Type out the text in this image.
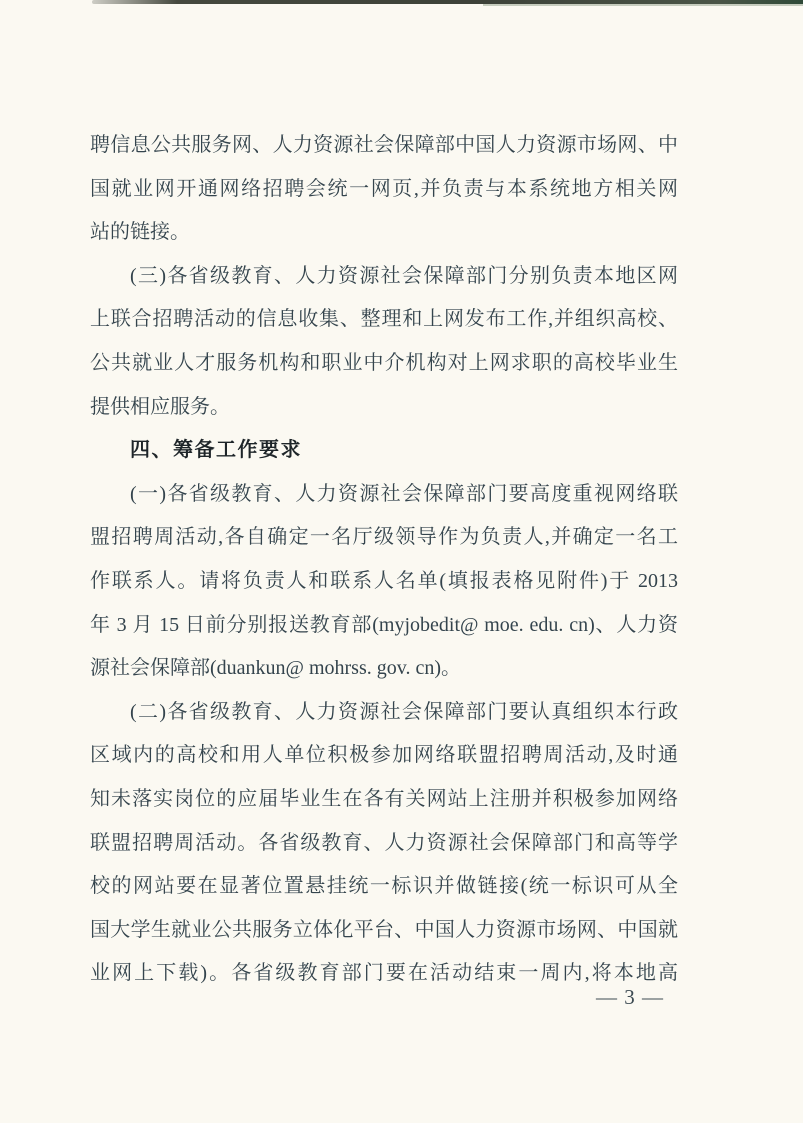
聘信息公共服务网、人力资源社会保障部中国人力资源市场网、中
国就业网开通网络招聘会统一网页,并负责与本系统地方相关网
站的链接。
(三)各省级教育、人力资源社会保障部门分别负责本地区网
上联合招聘活动的信息收集、整理和上网发布工作,并组织高校、
公共就业人才服务机构和职业中介机构对上网求职的高校毕业生
提供相应服务。
四、筹备工作要求
(一)各省级教育、人力资源社会保障部门要高度重视网络联
盟招聘周活动,各自确定一名厅级领导作为负责人,并确定一名工
作联系人。请将负责人和联系人名单(填报表格见附件)于 2013
年 3 月 15 日前分别报送教育部(myjobedit@ moe. edu. cn)、人力资
源社会保障部(duankun@ mohrss. gov. cn)。
(二)各省级教育、人力资源社会保障部门要认真组织本行政
区域内的高校和用人单位积极参加网络联盟招聘周活动,及时通
知未落实岗位的应届毕业生在各有关网站上注册并积极参加网络
联盟招聘周活动。各省级教育、人力资源社会保障部门和高等学
校的网站要在显著位置悬挂统一标识并做链接(统一标识可从全
国大学生就业公共服务立体化平台、中国人力资源市场网、中国就
业网上下载)。各省级教育部门要在活动结束一周内,将本地高
— 3 —
